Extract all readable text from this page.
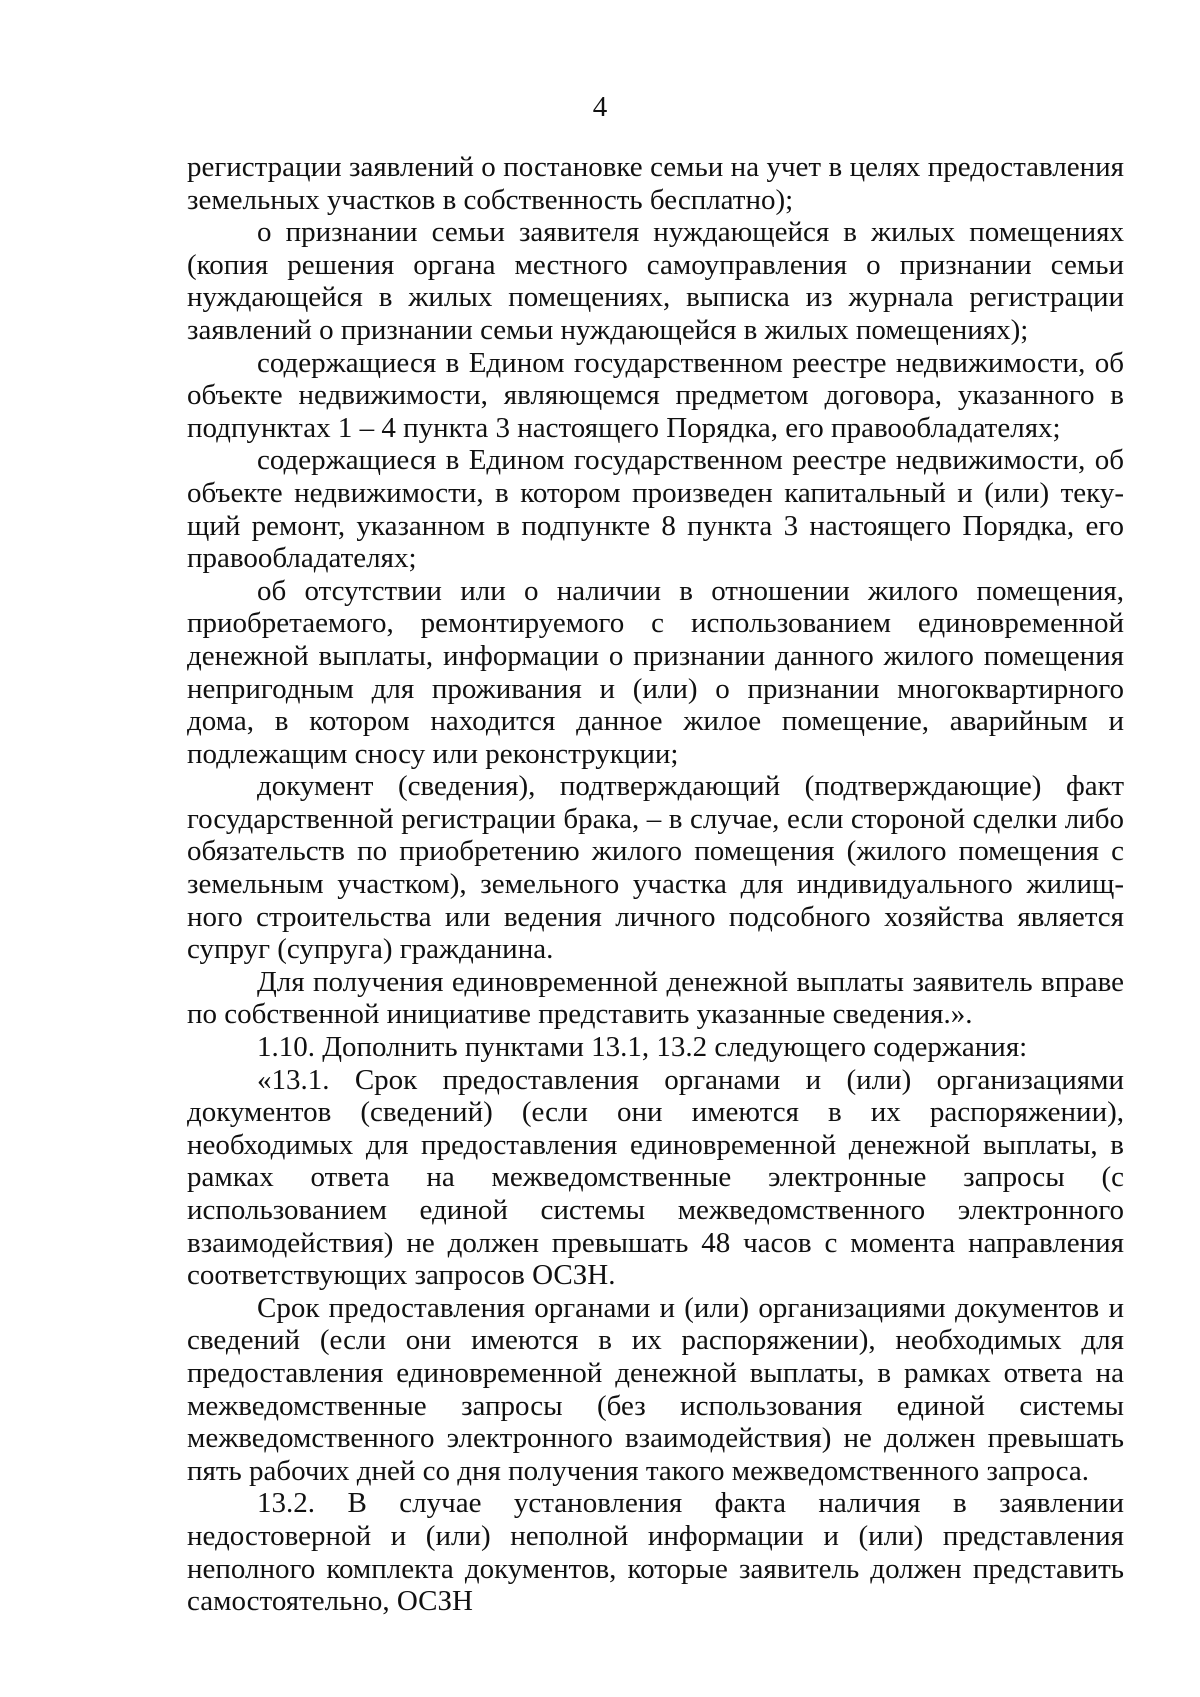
4

регистрации заявлений о постановке семьи на учет в целях предоставления земельных участков в собственность бесплатно);

о признании семьи заявителя нуждающейся в жилых помещениях (копия решения органа местного самоуправления о признании семьи нуждающейся в жилых помещениях, выписка из журнала регистрации заявлений о признании семьи нуждающейся в жилых помещениях);

содержащиеся в Едином государственном реестре недвижимости, об объекте недвижимости, являющемся предметом договора, указанного в подпунктах 1 – 4 пункта 3 настоящего Порядка, его правообладателях;

содержащиеся в Едином государственном реестре недвижимости, об объекте недвижимости, в котором произведен капитальный и (или) текущий ремонт, указанном в подпункте 8 пункта 3 настоящего Порядка, его правообладателях;

об отсутствии или о наличии в отношении жилого помещения, приобретаемого, ремонтируемого с использованием единовременной денежной выплаты, информации о признании данного жилого помещения непригодным для проживания и (или) о признании многоквартирного дома, в котором находится данное жилое помещение, аварийным и подлежащим сносу или реконструкции;

документ (сведения), подтверждающий (подтверждающие) факт государственной регистрации брака, – в случае, если стороной сделки либо обязательств по приобретению жилого помещения (жилого помещения с земельным участком), земельного участка для индивидуального жилищного строительства или ведения личного подсобного хозяйства является супруг (супруга) гражданина.

Для получения единовременной денежной выплаты заявитель вправе по собственной инициативе представить указанные сведения.».

1.10. Дополнить пунктами 13.1, 13.2 следующего содержания:

«13.1. Срок предоставления органами и (или) организациями документов (сведений) (если они имеются в их распоряжении), необходимых для предоставления единовременной денежной выплаты, в рамках ответа на межведомственные электронные запросы (с использованием единой системы межведомственного электронного взаимодействия) не должен превышать 48 часов с момента направления соответствующих запросов ОСЗН.

Срок предоставления органами и (или) организациями документов и сведений (если они имеются в их распоряжении), необходимых для предоставления единовременной денежной выплаты, в рамках ответа на межведомственные запросы (без использования единой системы межведомственного электронного взаимодействия) не должен превышать пять рабочих дней со дня получения такого межведомственного запроса.

13.2. В случае установления факта наличия в заявлении недостоверной и (или) неполной информации и (или) представления неполного комплекта документов, которые заявитель должен представить самостоятельно, ОСЗН
